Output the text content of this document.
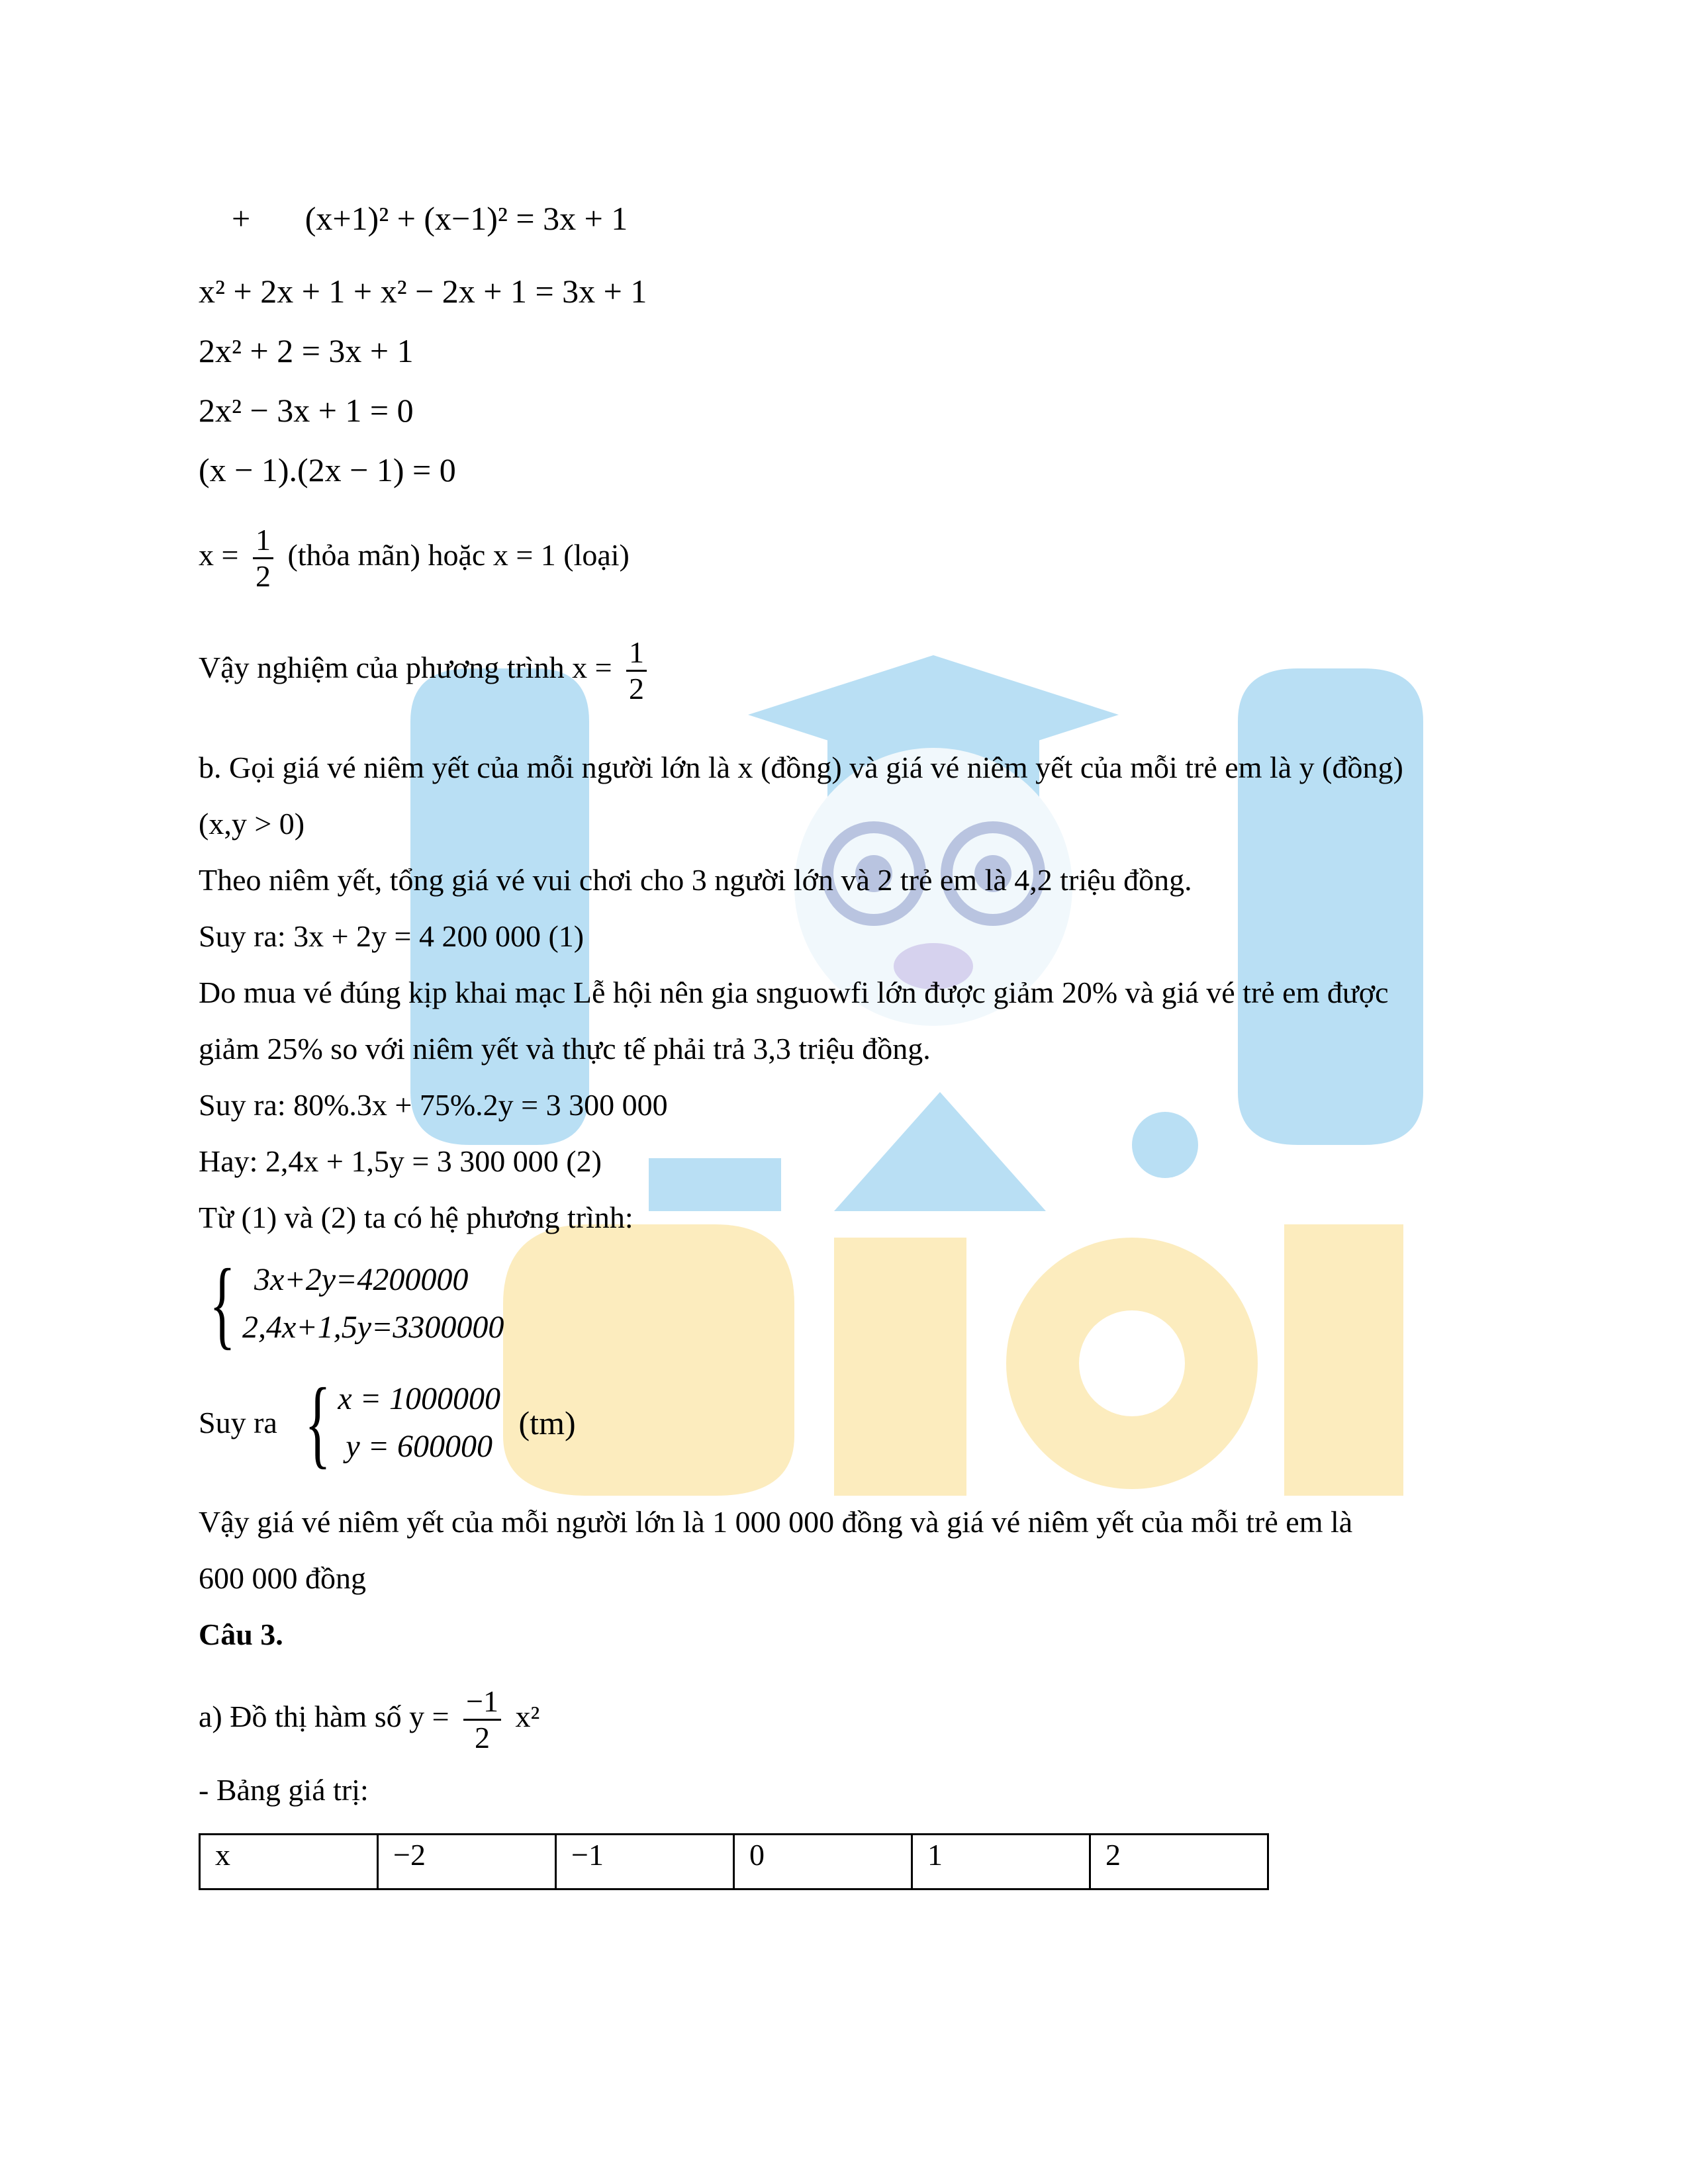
+ (x+1)² + (x−1)² = 3x + 1
x² + 2x + 1 + x² − 2x + 1 = 3x + 1
2x² + 2 = 3x + 1
2x² − 3x + 1 = 0
(x − 1).(2x − 1) = 0
$x = \frac{1}{2}$ (thỏa mãn) hoặc x = 1 (loại)
Vậy nghiệm của phương trình $x = \frac{1}{2}$
b. Gọi giá vé niêm yết của mỗi người lớn là x (đồng) và giá vé niêm yết của mỗi trẻ em là y (đồng)
(x,y > 0)
Theo niêm yết, tổng giá vé vui chơi cho 3 người lớn và 2 trẻ em là 4,2 triệu đồng.
Suy ra: 3x + 2y = 4 200 000 (1)
Do mua vé đúng kịp khai mạc Lễ hội nên gia snguowfi lớn được giảm 20% và giá vé trẻ em được
giảm 25% so với niêm yết và thực tế phải trả 3,3 triệu đồng.
Suy ra: 80%.3x + 75%.2y = 3 300 000
Hay: 2,4x + 1,5y = 3 300 000 (2)
Từ (1) và (2) ta có hệ phương trình:
{ 3x+2y=4200000
2,4x+1,5y=3300000
Suy ra { x = 1000000
y = 600000
(tm)
Vậy giá vé niêm yết của mỗi người lớn là 1 000 000 đồng và giá vé niêm yết của mỗi trẻ em là
600 000 đồng
Câu 3.
a) Đồ thị hàm số $y = \frac{-1}{2} x^2$
- Bảng giá trị:
x	−2	−1	0	1	2
